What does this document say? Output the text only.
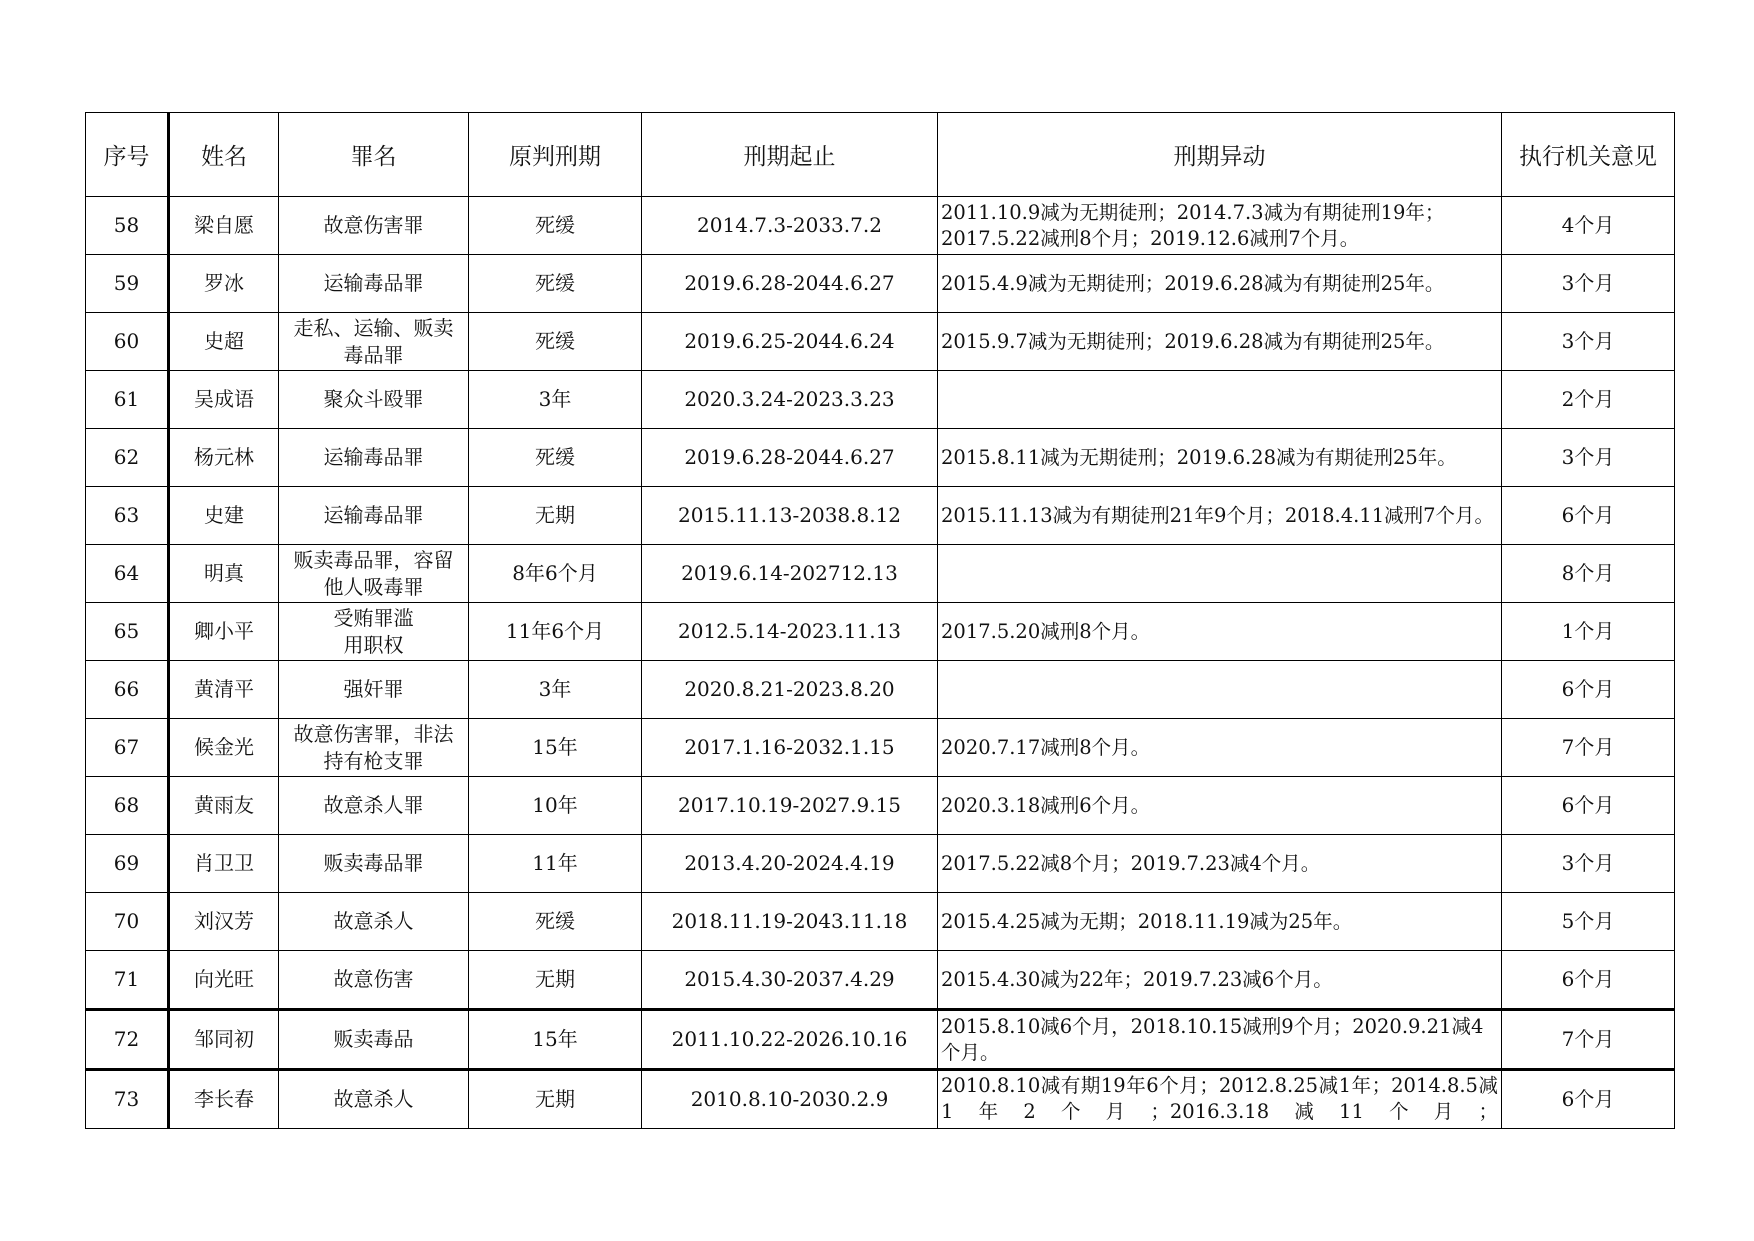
序号	姓名	罪名	原判刑期	刑期起止	刑期异动	执行机关意见
58	梁自愿	故意伤害罪	死缓	2014.7.3-2033.7.2	2011.10.9减为无期徒刑；2014.7.3减为有期徒刑19年；2017.5.22减刑8个月；2019.12.6减刑7个月。	4个月
59	罗冰	运输毒品罪	死缓	2019.6.28-2044.6.27	2015.4.9减为无期徒刑；2019.6.28减为有期徒刑25年。	3个月
60	史超	走私、运输、贩卖毒品罪	死缓	2019.6.25-2044.6.24	2015.9.7减为无期徒刑；2019.6.28减为有期徒刑25年。	3个月
61	吴成语	聚众斗殴罪	3年	2020.3.24-2023.3.23		2个月
62	杨元林	运输毒品罪	死缓	2019.6.28-2044.6.27	2015.8.11减为无期徒刑；2019.6.28减为有期徒刑25年。	3个月
63	史建	运输毒品罪	无期	2015.11.13-2038.8.12	2015.11.13减为有期徒刑21年9个月；2018.4.11减刑7个月。	6个月
64	明真	贩卖毒品罪，容留他人吸毒罪	8年6个月	2019.6.14-202712.13		8个月
65	卿小平	受贿罪滥用职权	11年6个月	2012.5.14-2023.11.13	2017.5.20减刑8个月。	1个月
66	黄清平	强奸罪	3年	2020.8.21-2023.8.20		6个月
67	候金光	故意伤害罪，非法持有枪支罪	15年	2017.1.16-2032.1.15	2020.7.17减刑8个月。	7个月
68	黄雨友	故意杀人罪	10年	2017.10.19-2027.9.15	2020.3.18减刑6个月。	6个月
69	肖卫卫	贩卖毒品罪	11年	2013.4.20-2024.4.19	2017.5.22减8个月；2019.7.23减4个月。	3个月
70	刘汉芳	故意杀人	死缓	2018.11.19-2043.11.18	2015.4.25减为无期；2018.11.19减为25年。	5个月
71	向光旺	故意伤害	无期	2015.4.30-2037.4.29	2015.4.30减为22年；2019.7.23减6个月。	6个月
72	邹同初	贩卖毒品	15年	2011.10.22-2026.10.16	2015.8.10减6个月，2018.10.15减刑9个月；2020.9.21减4个月。	7个月
73	李长春	故意杀人	无期	2010.8.10-2030.2.9	2010.8.10减有期19年6个月；2012.8.25减1年；2014.8.5减1年2个月；2016.3.18减11个月；	6个月
